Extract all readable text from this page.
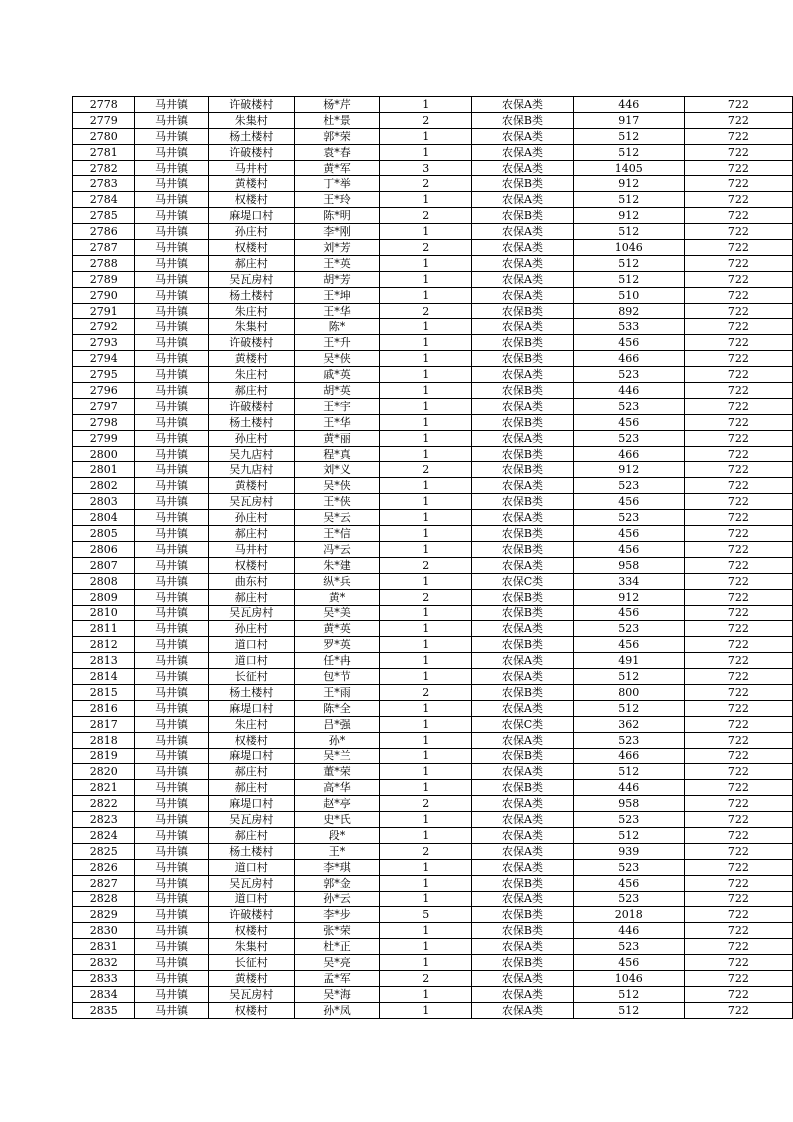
2778	马井镇	许破楼村	杨*芹	1	农保A类	446	722
2779	马井镇	朱集村	杜*景	2	农保B类	917	722
2780	马井镇	杨土楼村	郭*荣	1	农保A类	512	722
2781	马井镇	许破楼村	袁*春	1	农保A类	512	722
2782	马井镇	马井村	黄*军	3	农保A类	1405	722
2783	马井镇	黄楼村	丁*举	2	农保B类	912	722
2784	马井镇	权楼村	王*玲	1	农保A类	512	722
2785	马井镇	麻堤口村	陈*明	2	农保B类	912	722
2786	马井镇	孙庄村	李*刚	1	农保A类	512	722
2787	马井镇	权楼村	刘*芳	2	农保A类	1046	722
2788	马井镇	郝庄村	王*英	1	农保A类	512	722
2789	马井镇	吴瓦房村	胡*芳	1	农保A类	512	722
2790	马井镇	杨土楼村	王*坤	1	农保A类	510	722
2791	马井镇	朱庄村	王*华	2	农保B类	892	722
2792	马井镇	朱集村	陈*	1	农保A类	533	722
2793	马井镇	许破楼村	王*升	1	农保B类	456	722
2794	马井镇	黄楼村	吴*侠	1	农保B类	466	722
2795	马井镇	朱庄村	戚*英	1	农保A类	523	722
2796	马井镇	郝庄村	胡*英	1	农保B类	446	722
2797	马井镇	许破楼村	王*宇	1	农保A类	523	722
2798	马井镇	杨土楼村	王*华	1	农保B类	456	722
2799	马井镇	孙庄村	黄*丽	1	农保A类	523	722
2800	马井镇	吴九店村	程*真	1	农保B类	466	722
2801	马井镇	吴九店村	刘*义	2	农保B类	912	722
2802	马井镇	黄楼村	吴*侠	1	农保A类	523	722
2803	马井镇	吴瓦房村	王*侠	1	农保B类	456	722
2804	马井镇	孙庄村	吴*云	1	农保A类	523	722
2805	马井镇	郝庄村	王*信	1	农保B类	456	722
2806	马井镇	马井村	冯*云	1	农保B类	456	722
2807	马井镇	权楼村	朱*建	2	农保A类	958	722
2808	马井镇	曲东村	纵*兵	1	农保C类	334	722
2809	马井镇	郝庄村	黄*	2	农保B类	912	722
2810	马井镇	吴瓦房村	吴*美	1	农保B类	456	722
2811	马井镇	孙庄村	黄*英	1	农保A类	523	722
2812	马井镇	道口村	罗*英	1	农保B类	456	722
2813	马井镇	道口村	任*冉	1	农保A类	491	722
2814	马井镇	长征村	包*节	1	农保A类	512	722
2815	马井镇	杨土楼村	王*雨	2	农保B类	800	722
2816	马井镇	麻堤口村	陈*全	1	农保A类	512	722
2817	马井镇	朱庄村	吕*强	1	农保C类	362	722
2818	马井镇	权楼村	孙*	1	农保A类	523	722
2819	马井镇	麻堤口村	吴*兰	1	农保B类	466	722
2820	马井镇	郝庄村	董*荣	1	农保A类	512	722
2821	马井镇	郝庄村	高*华	1	农保B类	446	722
2822	马井镇	麻堤口村	赵*亭	2	农保A类	958	722
2823	马井镇	吴瓦房村	史*氏	1	农保A类	523	722
2824	马井镇	郝庄村	段*	1	农保A类	512	722
2825	马井镇	杨土楼村	王*	2	农保A类	939	722
2826	马井镇	道口村	李*琪	1	农保A类	523	722
2827	马井镇	吴瓦房村	郭*金	1	农保B类	456	722
2828	马井镇	道口村	孙*云	1	农保A类	523	722
2829	马井镇	许破楼村	李*步	5	农保B类	2018	722
2830	马井镇	权楼村	张*荣	1	农保B类	446	722
2831	马井镇	朱集村	杜*正	1	农保A类	523	722
2832	马井镇	长征村	吴*亮	1	农保B类	456	722
2833	马井镇	黄楼村	孟*军	2	农保A类	1046	722
2834	马井镇	吴瓦房村	吴*海	1	农保A类	512	722
2835	马井镇	权楼村	孙*凤	1	农保A类	512	722
